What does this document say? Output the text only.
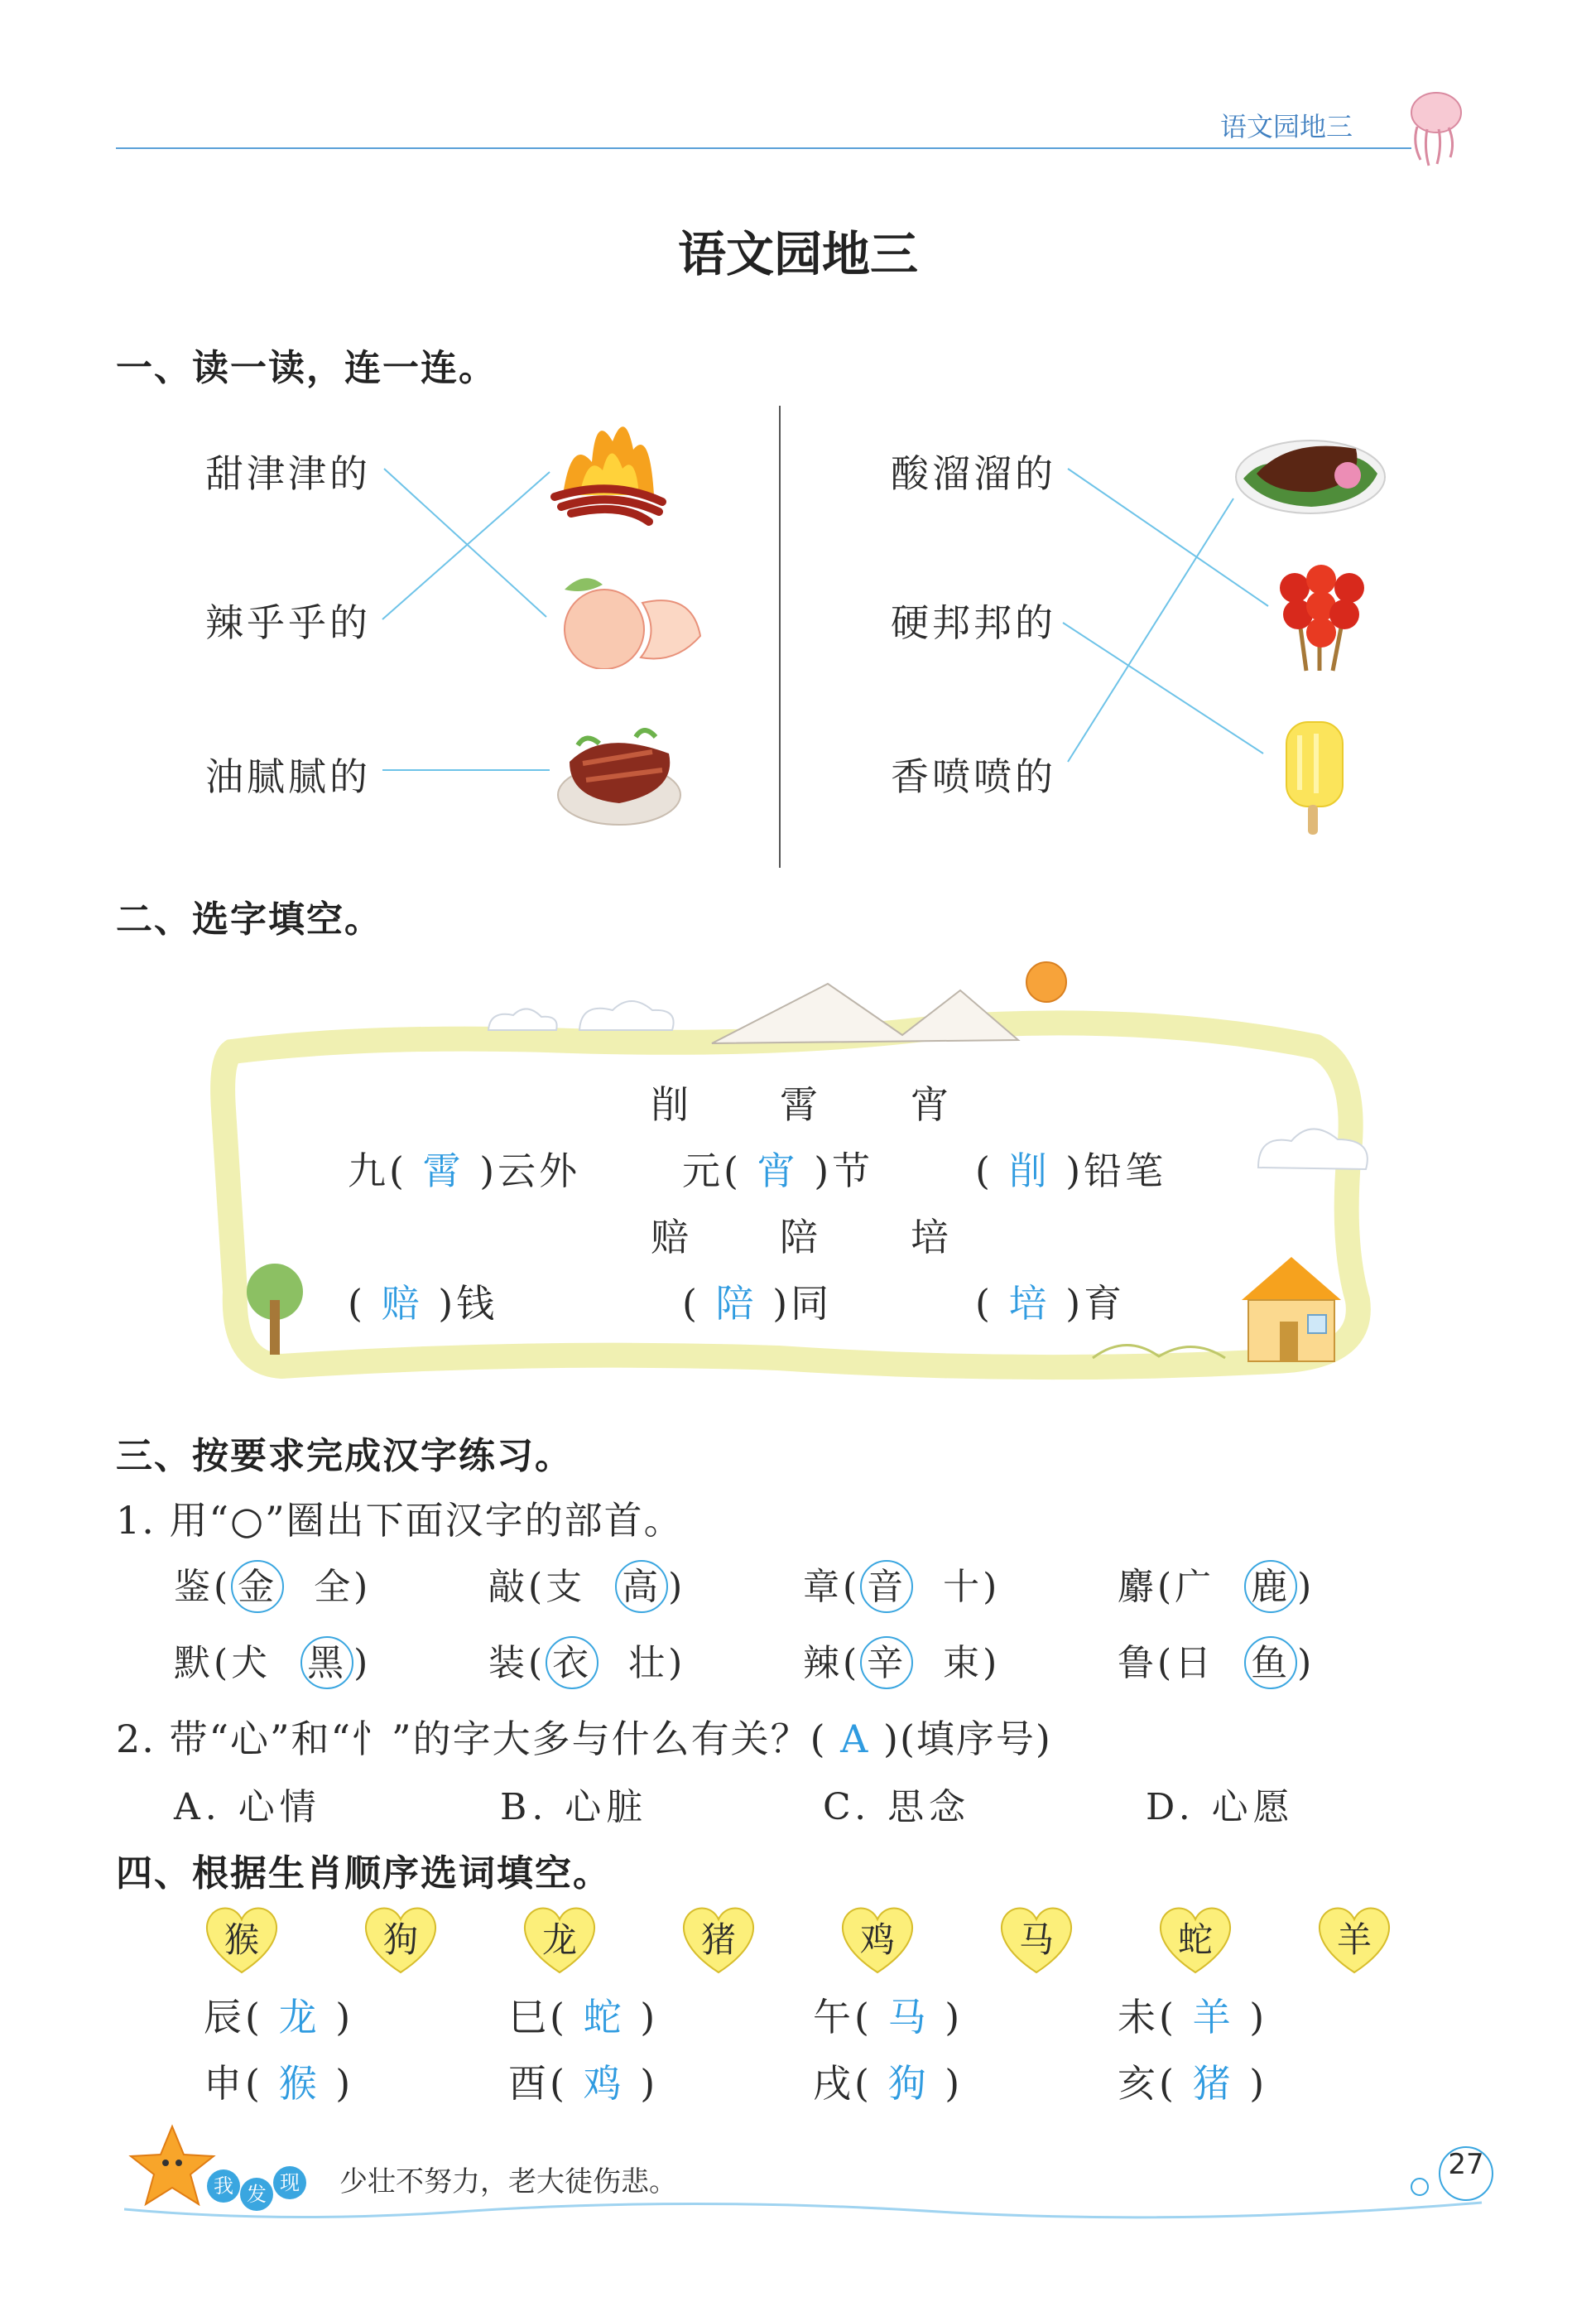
语文园地三
语文园地三
一、读一读，连一连。
甜津津的
辣乎乎的
油腻腻的
酸溜溜的
硬邦邦的
香喷喷的
二、选字填空。
削 霄 宵
九( 霄 )云外	元( 宵 )节	( 削 )铅笔
赔 陪 培
( 赔 )钱	( 陪 )同	( 培 )育
三、按要求完成汉字练习。
1. 用“○”圈出下面汉字的部首。
鉴( 金 全)	敲(支 高 )	章( 音 十)	麝(广 鹿 )
默(犬 黑 )	装( 衣 壮)	辣( 辛 束)	鲁(日 鱼 )
2. 带“心”和“忄”的字大多与什么有关？( A )(填序号)
A. 心情	B. 心脏	C. 思念	D. 心愿
四、根据生肖顺序选词填空。
猴	狗	龙	猪	鸡	马	蛇	羊
辰( 龙 )	巳( 蛇 )	午( 马 )	未( 羊 )
申( 猴 )	酉( 鸡 )	戌( 狗 )	亥( 猪 )
我 发 现 少壮不努力，老大徒伤悲。
27
